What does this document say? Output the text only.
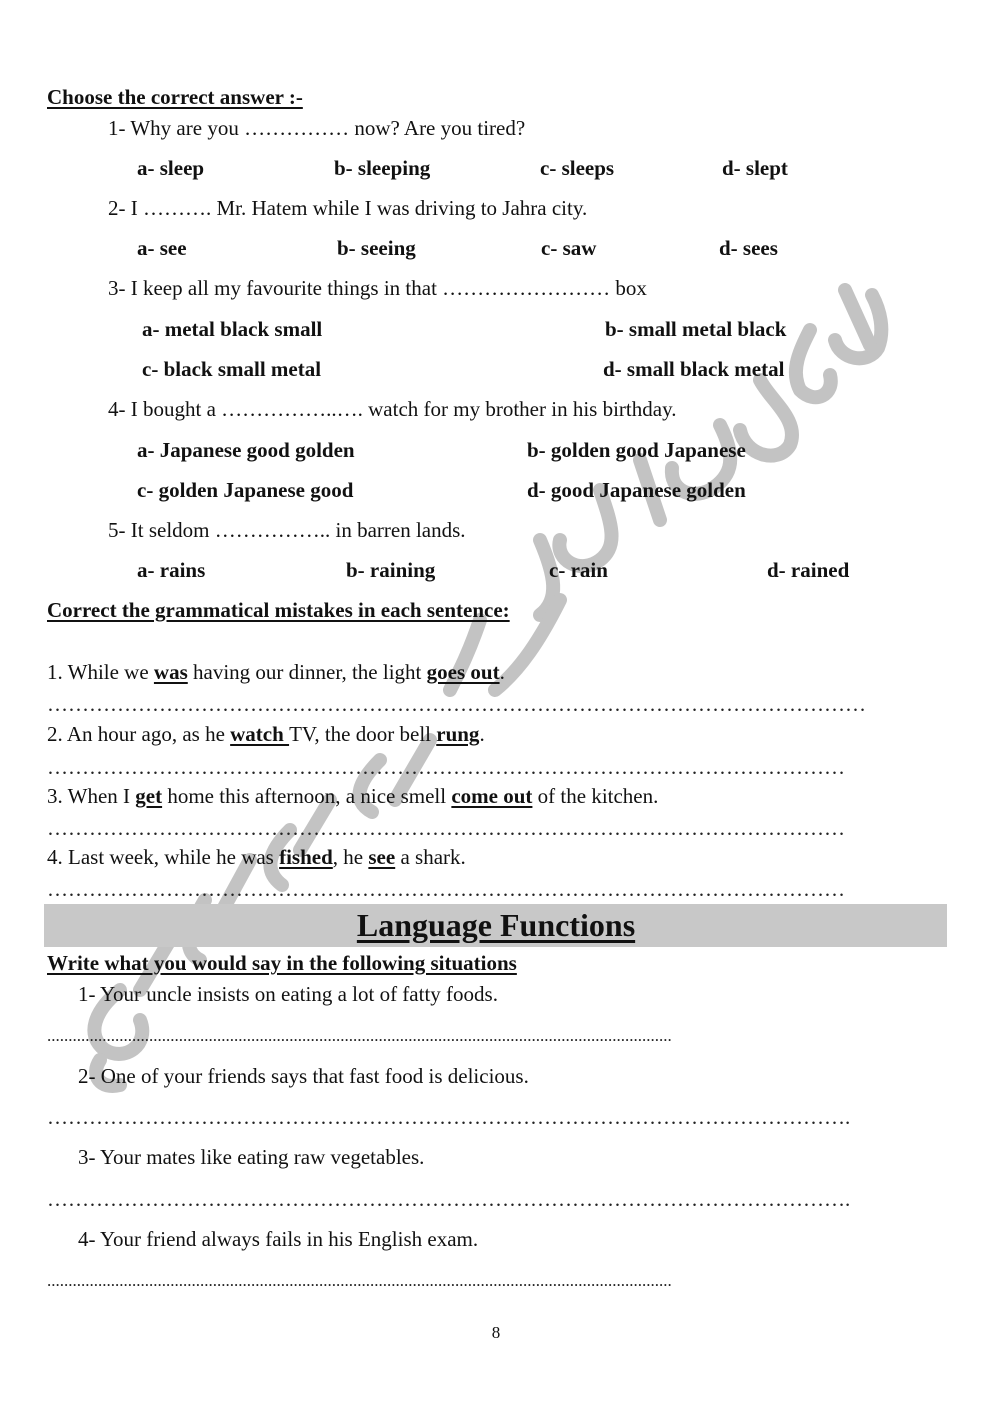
Choose the correct answer :-
1- Why are you …………… now? Are you tired?
a- sleep	b- sleeping	c- sleeps	d- slept
2- I ………. Mr. Hatem while I was driving to Jahra city.
a- see	b- seeing	c- saw	d- sees
3- I keep all my favourite things in that …………………… box
a- metal black small	b- small metal black
c- black small metal	d- small black metal
4- I bought a ……………..…. watch for my brother in his birthday.
a- Japanese good golden	b- golden good Japanese
c- golden Japanese good	d- good Japanese golden
5- It seldom …………….. in barren lands.
a- rains	b- raining	c- rain	d- rained
Correct the grammatical mistakes in each sentence:
1. While we was having our dinner, the light goes out.
………………………………………………………………………………………………………
2. An hour ago, as he watch TV, the door bell rung.
……………………………………………………………………………………………………
3. When I get home this afternoon, a nice smell come out of the kitchen.
……………………………………………………………………………………………………
4. Last week, while he was fished, he see a shark.
……………………………………………………………………………………………………
Language Functions
Write what you would say in the following situations
1- Your uncle insists on eating a lot of fatty foods.
...................................................................................................................................................
2- One of your friends says that fast food is delicious.
…………………………………………………………………………………………………….
3- Your mates like eating raw vegetables.
…………………………………………………………………………………………………….
4- Your friend always fails in his English exam.
...................................................................................................................................................
8
